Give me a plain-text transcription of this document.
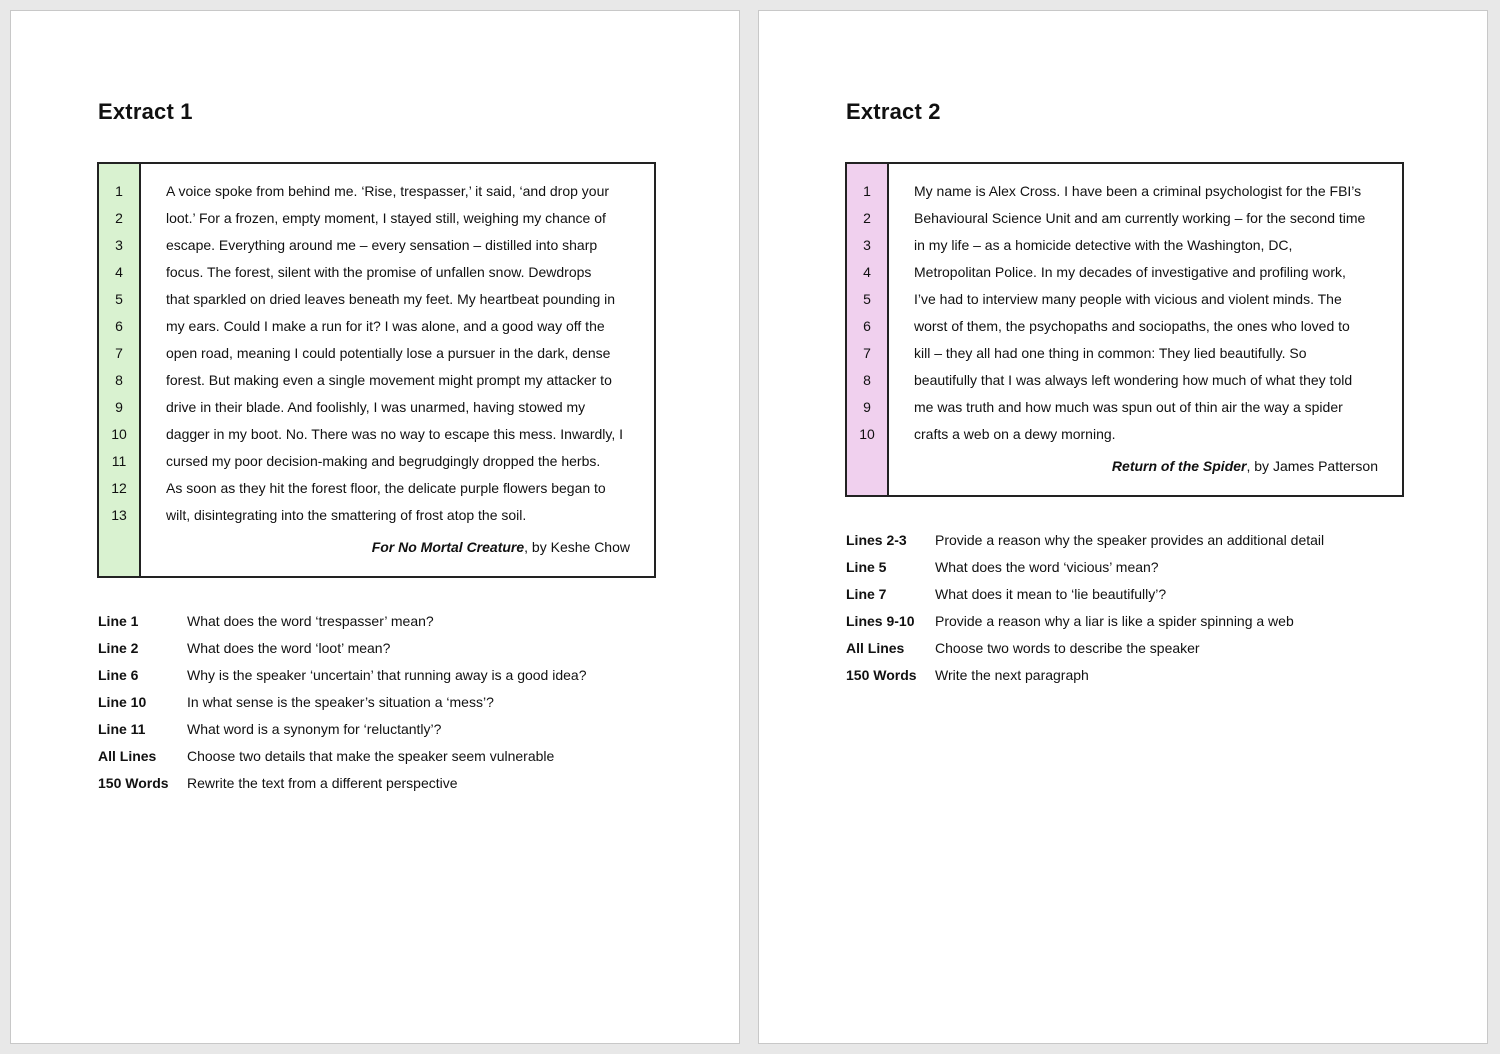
Extract 1
1
2
3
4
5
6
7
8
9
10
11
12
13
A voice spoke from behind me. ‘Rise, trespasser,’ it said, ‘and drop your
loot.’ For a frozen, empty moment, I stayed still, weighing my chance of
escape. Everything around me – every sensation – distilled into sharp
focus. The forest, silent with the promise of unfallen snow. Dewdrops
that sparkled on dried leaves beneath my feet. My heartbeat pounding in
my ears. Could I make a run for it? I was alone, and a good way off the
open road, meaning I could potentially lose a pursuer in the dark, dense
forest. But making even a single movement might prompt my attacker to
drive in their blade. And foolishly, I was unarmed, having stowed my
dagger in my boot. No. There was no way to escape this mess. Inwardly, I
cursed my poor decision-making and begrudgingly dropped the herbs.
As soon as they hit the forest floor, the delicate purple flowers began to
wilt, disintegrating into the smattering of frost atop the soil.
For No Mortal Creature, by Keshe Chow
Line 1	What does the word ‘trespasser’ mean?
Line 2	What does the word ‘loot’ mean?
Line 6	Why is the speaker ‘uncertain’ that running away is a good idea?
Line 10	In what sense is the speaker’s situation a ‘mess’?
Line 11	What word is a synonym for ‘reluctantly’?
All Lines	Choose two details that make the speaker seem vulnerable
150 Words	Rewrite the text from a different perspective
Extract 2
1
2
3
4
5
6
7
8
9
10
My name is Alex Cross. I have been a criminal psychologist for the FBI’s
Behavioural Science Unit and am currently working – for the second time
in my life – as a homicide detective with the Washington, DC,
Metropolitan Police. In my decades of investigative and profiling work,
I’ve had to interview many people with vicious and violent minds. The
worst of them, the psychopaths and sociopaths, the ones who loved to
kill – they all had one thing in common: They lied beautifully. So
beautifully that I was always left wondering how much of what they told
me was truth and how much was spun out of thin air the way a spider
crafts a web on a dewy morning.
Return of the Spider, by James Patterson
Lines 2-3	Provide a reason why the speaker provides an additional detail
Line 5	What does the word ‘vicious’ mean?
Line 7	What does it mean to ‘lie beautifully’?
Lines 9-10	Provide a reason why a liar is like a spider spinning a web
All Lines	Choose two words to describe the speaker
150 Words	Write the next paragraph
